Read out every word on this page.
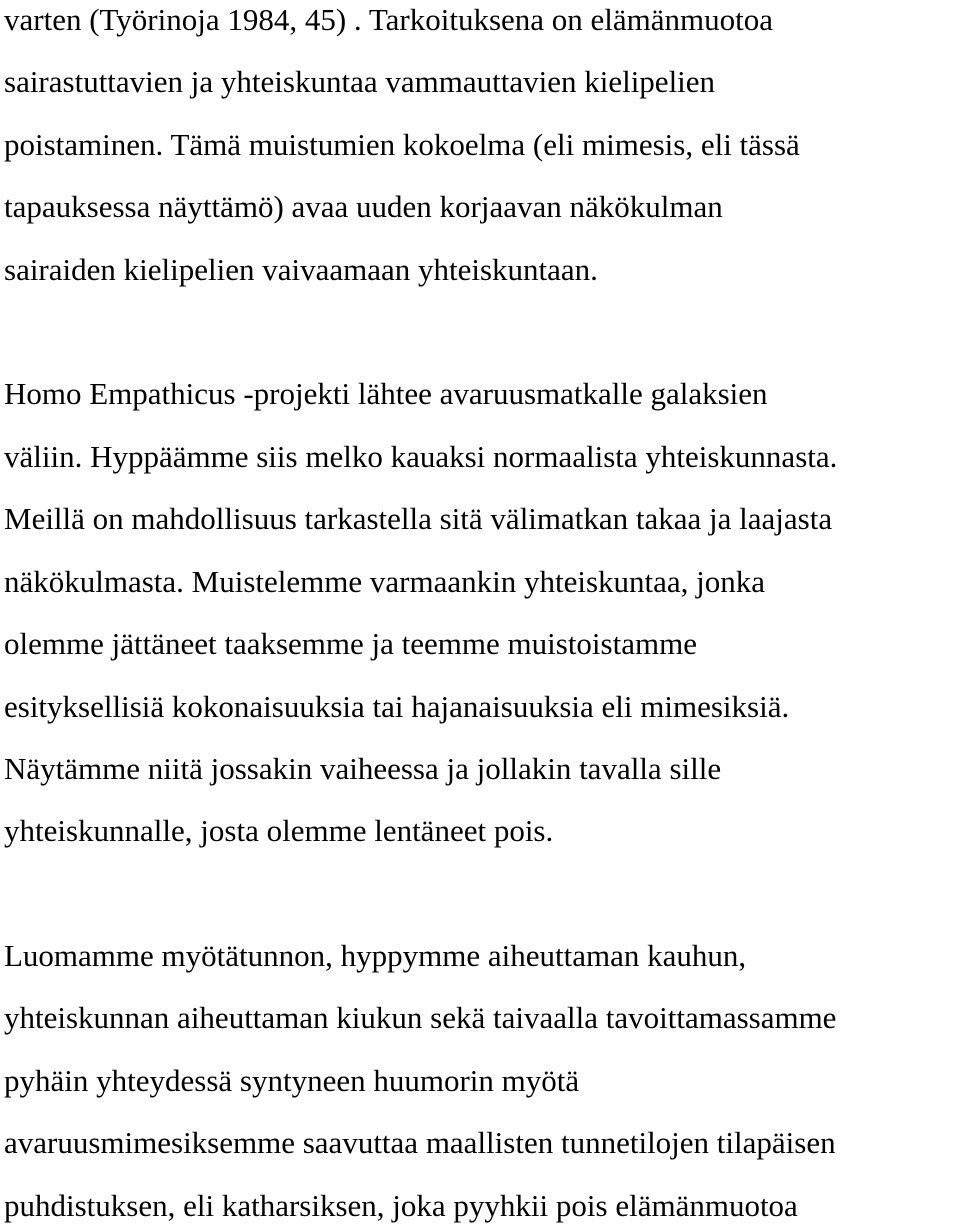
varten (Työrinoja 1984, 45) . Tarkoituksena on elämänmuotoa
sairastuttavien ja yhteiskuntaa vammauttavien kielipelien
poistaminen. Tämä muistumien kokoelma (eli mimesis, eli tässä
tapauksessa näyttämö) avaa uuden korjaavan näkökulman
sairaiden kielipelien vaivaamaan yhteiskuntaan.
Homo Empathicus -projekti lähtee avaruusmatkalle galaksien
väliin. Hyppäämme siis melko kauaksi normaalista yhteiskunnasta.
Meillä on mahdollisuus tarkastella sitä välimatkan takaa ja laajasta
näkökulmasta. Muistelemme varmaankin yhteiskuntaa, jonka
olemme jättäneet taaksemme ja teemme muistoistamme
esityksellisiä kokonaisuuksia tai hajanaisuuksia eli mimesiksiä.
Näytämme niitä jossakin vaiheessa ja jollakin tavalla sille
yhteiskunnalle, josta olemme lentäneet pois.
Luomamme myötätunnon, hyppymme aiheuttaman kauhun,
yhteiskunnan aiheuttaman kiukun sekä taivaalla tavoittamassamme
pyhäin yhteydessä syntyneen huumorin myötä
avaruusmimesiksemme saavuttaa maallisten tunnetilojen tilapäisen
puhdistuksen, eli katharsiksen, joka pyyhkii pois elämänmuotoa
